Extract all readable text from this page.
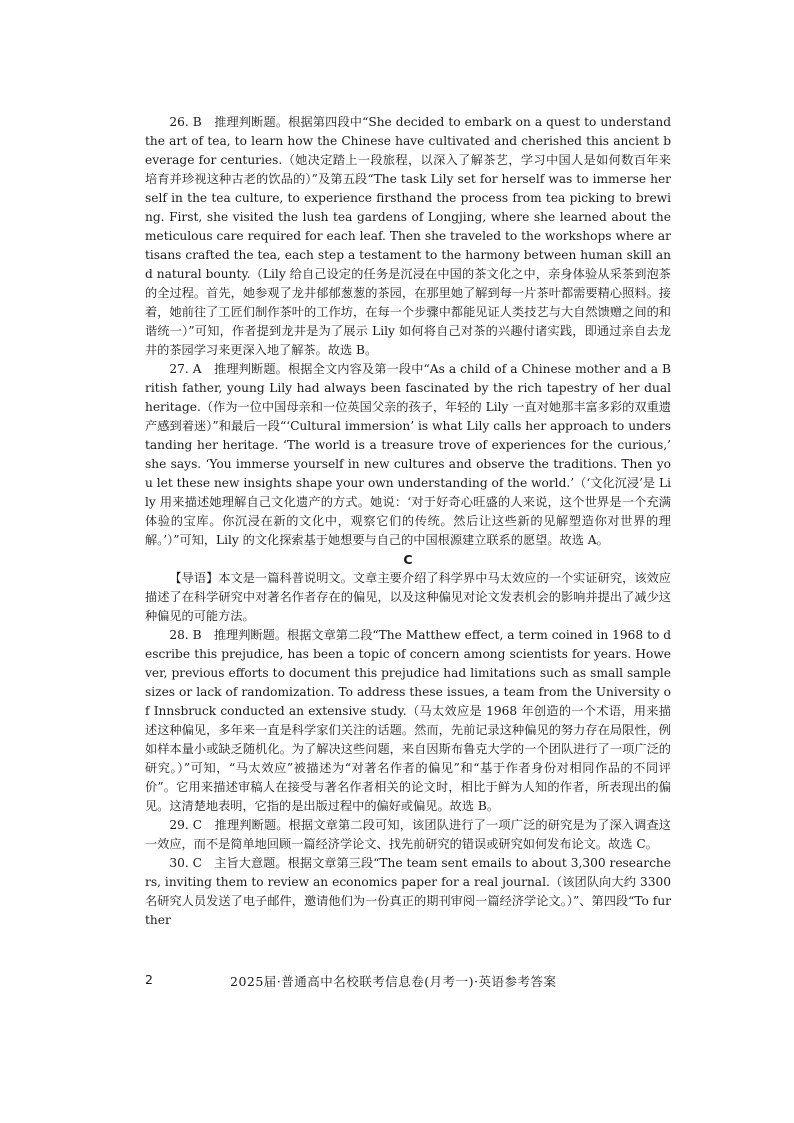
26. B　推理判断题。根据第四段中“She decided to embark on a quest to understand the art of tea, to learn how the Chinese have cultivated and cherished this ancient beverage for centuries.（她决定踏上一段旅程，以深入了解茶艺，学习中国人是如何数百年来培育并珍视这种古老的饮品的）”及第五段“The task Lily set for herself was to immerse herself in the tea culture, to experience firsthand the process from tea picking to brewing. First, she visited the lush tea gardens of Longjing, where she learned about the meticulous care required for each leaf. Then she traveled to the workshops where artisans crafted the tea, each step a testament to the harmony between human skill and natural bounty.（Lily 给自己设定的任务是沉浸在中国的茶文化之中，亲身体验从采茶到泡茶的全过程。首先，她参观了龙井郁郁葱葱的茶园，在那里她了解到每一片茶叶都需要精心照料。接着，她前往了工匠们制作茶叶的工作坊，在每一个步骤中都能见证人类技艺与大自然馈赠之间的和谐统一）”可知，作者提到龙井是为了展示 Lily 如何将自己对茶的兴趣付诸实践，即通过亲自去龙井的茶园学习来更深入地了解茶。故选 B。

27. A　推理判断题。根据全文内容及第一段中“As a child of a Chinese mother and a British father, young Lily had always been fascinated by the rich tapestry of her dual heritage.（作为一位中国母亲和一位英国父亲的孩子，年轻的 Lily 一直对她那丰富多彩的双重遗产感到着迷）”和最后一段“‘Cultural immersion’ is what Lily calls her approach to understanding her heritage. ‘The world is a treasure trove of experiences for the curious,’ she says. ‘You immerse yourself in new cultures and observe the traditions. Then you let these new insights shape your own understanding of the world.’（‘文化沉浸’是 Lily 用来描述她理解自己文化遗产的方式。她说：‘对于好奇心旺盛的人来说，这个世界是一个充满体验的宝库。你沉浸在新的文化中，观察它们的传统。然后让这些新的见解塑造你对世界的理解。’）”可知，Lily 的文化探索基于她想要与自己的中国根源建立联系的愿望。故选 A。

C

【导语】本文是一篇科普说明文。文章主要介绍了科学界中马太效应的一个实证研究，该效应描述了在科学研究中对著名作者存在的偏见，以及这种偏见对论文发表机会的影响并提出了减少这种偏见的可能方法。

28. B　推理判断题。根据文章第二段“The Matthew effect, a term coined in 1968 to describe this prejudice, has been a topic of concern among scientists for years. However, previous efforts to document this prejudice had limitations such as small sample sizes or lack of randomization. To address these issues, a team from the University of Innsbruck conducted an extensive study.（马太效应是 1968 年创造的一个术语，用来描述这种偏见，多年来一直是科学家们关注的话题。然而，先前记录这种偏见的努力存在局限性，例如样本量小或缺乏随机化。为了解决这些问题，来自因斯布鲁克大学的一个团队进行了一项广泛的研究。）”可知，“马太效应”被描述为“对著名作者的偏见”和“基于作者身份对相同作品的不同评价”。它用来描述审稿人在接受与著名作者相关的论文时，相比于鲜为人知的作者，所表现出的偏见。这清楚地表明，它指的是出版过程中的偏好或偏见。故选 B。

29. C　推理判断题。根据文章第二段可知，该团队进行了一项广泛的研究是为了深入调查这一效应，而不是简单地回顾一篇经济学论文、找先前研究的错误或研究如何发布论文。故选 C。

30. C　主旨大意题。根据文章第三段“The team sent emails to about 3,300 researchers, inviting them to review an economics paper for a real journal.（该团队向大约 3300 名研究人员发送了电子邮件，邀请他们为一份真正的期刊审阅一篇经济学论文。）”、第四段“To further

2	2025届·普通高中名校联考信息卷(月考一)·英语参考答案
